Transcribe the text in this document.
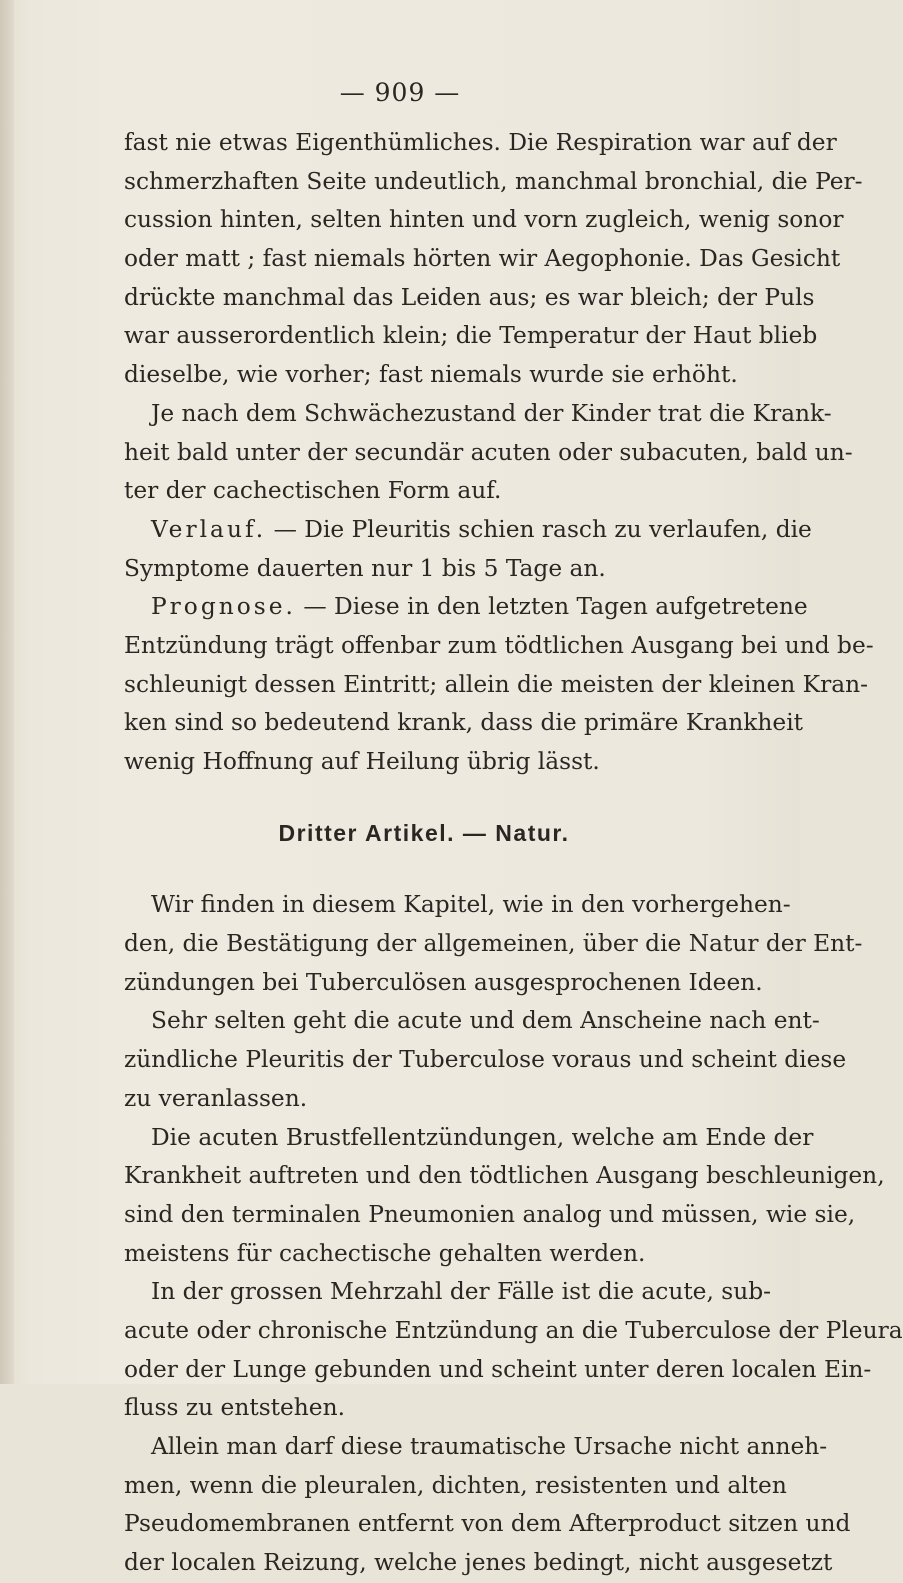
— 909 —
fast nie etwas Eigenthümliches. Die Respiration war auf der
schmerzhaften Seite undeutlich, manchmal bronchial, die Per-
cussion hinten, selten hinten und vorn zugleich, wenig sonor
oder matt ; fast niemals hörten wir Aegophonie. Das Gesicht
drückte manchmal das Leiden aus; es war bleich; der Puls
war ausserordentlich klein; die Temperatur der Haut blieb
dieselbe, wie vorher; fast niemals wurde sie erhöht.
Je nach dem Schwächezustand der Kinder trat die Krank-
heit bald unter der secundär acuten oder subacuten, bald un-
ter der cachectischen Form auf.
Verlauf. — Die Pleuritis schien rasch zu verlaufen, die
Symptome dauerten nur 1 bis 5 Tage an.
Prognose. — Diese in den letzten Tagen aufgetretene
Entzündung trägt offenbar zum tödtlichen Ausgang bei und be-
schleunigt dessen Eintritt; allein die meisten der kleinen Kran-
ken sind so bedeutend krank, dass die primäre Krankheit
wenig Hoffnung auf Heilung übrig lässt.
Dritter Artikel. — Natur.
Wir finden in diesem Kapitel, wie in den vorhergehen-
den, die Bestätigung der allgemeinen, über die Natur der Ent-
zündungen bei Tuberculösen ausgesprochenen Ideen.
Sehr selten geht die acute und dem Anscheine nach ent-
zündliche Pleuritis der Tuberculose voraus und scheint diese
zu veranlassen.
Die acuten Brustfellentzündungen, welche am Ende der
Krankheit auftreten und den tödtlichen Ausgang beschleunigen,
sind den terminalen Pneumonien analog und müssen, wie sie,
meistens für cachectische gehalten werden.
In der grossen Mehrzahl der Fälle ist die acute, sub-
acute oder chronische Entzündung an die Tuberculose der Pleura
oder der Lunge gebunden und scheint unter deren localen Ein-
fluss zu entstehen.
Allein man darf diese traumatische Ursache nicht anneh-
men, wenn die pleuralen, dichten, resistenten und alten
Pseudomembranen entfernt von dem Afterproduct sitzen und
der localen Reizung, welche jenes bedingt, nicht ausgesetzt
